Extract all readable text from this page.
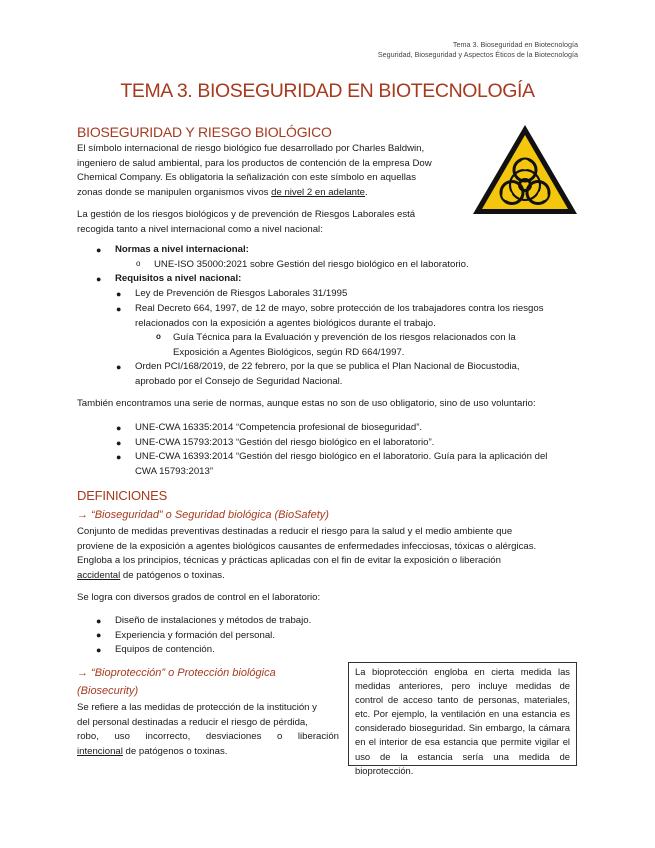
Tema 3. Bioseguridad en Biotecnología
Seguridad, Bioseguridad y Aspectos Éticos de la Biotecnología
TEMA 3. BIOSEGURIDAD EN BIOTECNOLOGÍA
BIOSEGURIDAD Y RIESGO BIOLÓGICO
El símbolo internacional de riesgo biológico fue desarrollado por Charles Baldwin,
ingeniero de salud ambiental, para los productos de contención de la empresa Dow
Chemical Company. Es obligatoria la señalización con este símbolo en aquellas
zonas donde se manipulen organismos vivos de nivel 2 en adelante.
La gestión de los riesgos biológicos y de prevención de Riesgos Laborales está
recogida tanto a nivel internacional como a nivel nacional:
● Normas a nivel internacional:
o UNE-ISO 35000:2021 sobre Gestión del riesgo biológico en el laboratorio.
● Requisitos a nivel nacional:
● Ley de Prevención de Riesgos Laborales 31/1995
● Real Decreto 664, 1997, de 12 de mayo, sobre protección de los trabajadores contra los riesgos
relacionados con la exposición a agentes biológicos durante el trabajo.
o Guía Técnica para la Evaluación y prevención de los riesgos relacionados con la
Exposición a Agentes Biológicos, según RD 664/1997.
● Orden PCI/168/2019, de 22 febrero, por la que se publica el Plan Nacional de Biocustodia,
aprobado por el Consejo de Seguridad Nacional.
También encontramos una serie de normas, aunque estas no son de uso obligatorio, sino de uso voluntario:
● UNE-CWA 16335:2014 “Competencia profesional de bioseguridad”.
● UNE-CWA 15793:2013 “Gestión del riesgo biológico en el laboratorio”.
● UNE-CWA 16393:2014 “Gestión del riesgo biológico en el laboratorio. Guía para la aplicación del
CWA 15793:2013”
DEFINICIONES
→ “Bioseguridad” o Seguridad biológica (BioSafety)
Conjunto de medidas preventivas destinadas a reducir el riesgo para la salud y el medio ambiente que
proviene de la exposición a agentes biológicos causantes de enfermedades infecciosas, tóxicas o alérgicas.
Engloba a los principios, técnicas y prácticas aplicadas con el fin de evitar la exposición o liberación
accidental de patógenos o toxinas.
Se logra con diversos grados de control en el laboratorio:
● Diseño de instalaciones y métodos de trabajo.
● Experiencia y formación del personal.
● Equipos de contención.
→ “Bioprotección” o Protección biológica
(Biosecurity)
Se refiere a las medidas de protección de la institución y
del personal destinadas a reducir el riesgo de pérdida,
robo, uso incorrecto, desviaciones o liberación
intencional de patógenos o toxinas.
La bioprotección engloba en cierta medida las medidas anteriores, pero incluye medidas de control de acceso tanto de personas, materiales, etc. Por ejemplo, la ventilación en una estancia es considerado bioseguridad. Sin embargo, la cámara en el interior de esa estancia que permite vigilar el uso de la estancia sería una medida de bioprotección.
